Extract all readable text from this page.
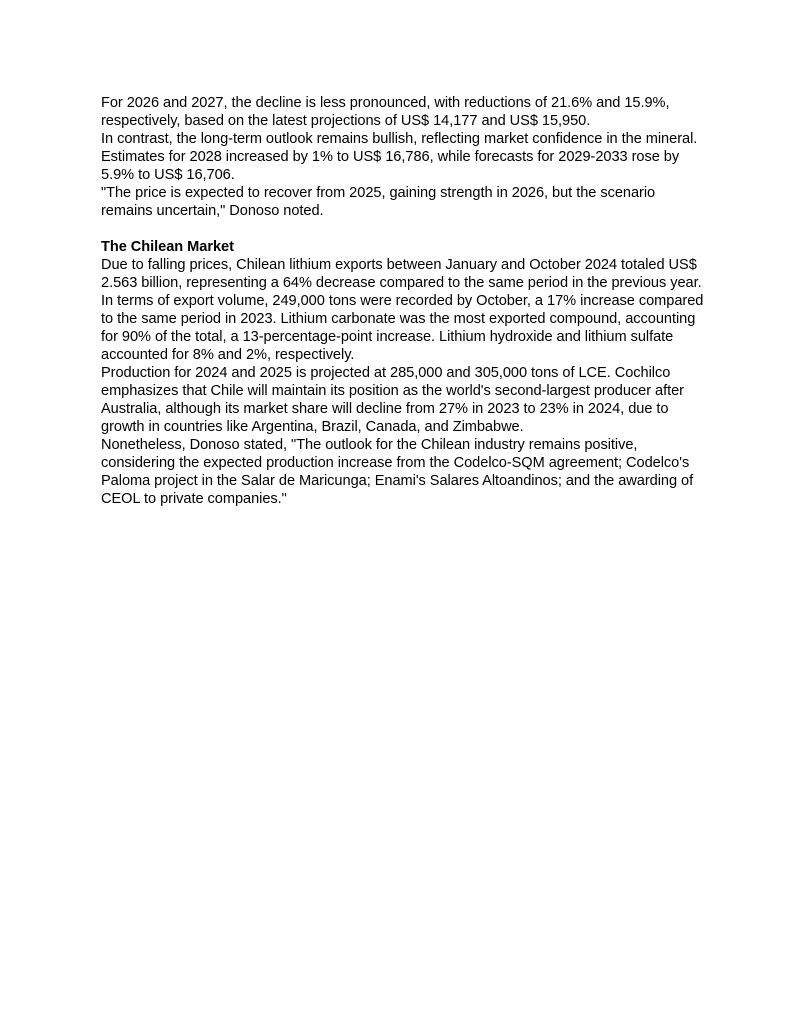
For 2026 and 2027, the decline is less pronounced, with reductions of 21.6% and 15.9%, respectively, based on the latest projections of US$ 14,177 and US$ 15,950.

In contrast, the long-term outlook remains bullish, reflecting market confidence in the mineral. Estimates for 2028 increased by 1% to US$ 16,786, while forecasts for 2029-2033 rose by 5.9% to US$ 16,706.

"The price is expected to recover from 2025, gaining strength in 2026, but the scenario remains uncertain," Donoso noted.

The Chilean Market

Due to falling prices, Chilean lithium exports between January and October 2024 totaled US$ 2.563 billion, representing a 64% decrease compared to the same period in the previous year.

In terms of export volume, 249,000 tons were recorded by October, a 17% increase compared to the same period in 2023. Lithium carbonate was the most exported compound, accounting for 90% of the total, a 13-percentage-point increase. Lithium hydroxide and lithium sulfate accounted for 8% and 2%, respectively.

Production for 2024 and 2025 is projected at 285,000 and 305,000 tons of LCE. Cochilco emphasizes that Chile will maintain its position as the world's second-largest producer after Australia, although its market share will decline from 27% in 2023 to 23% in 2024, due to growth in countries like Argentina, Brazil, Canada, and Zimbabwe.

Nonetheless, Donoso stated, "The outlook for the Chilean industry remains positive, considering the expected production increase from the Codelco-SQM agreement; Codelco's Paloma project in the Salar de Maricunga; Enami's Salares Altoandinos; and the awarding of CEOL to private companies."
